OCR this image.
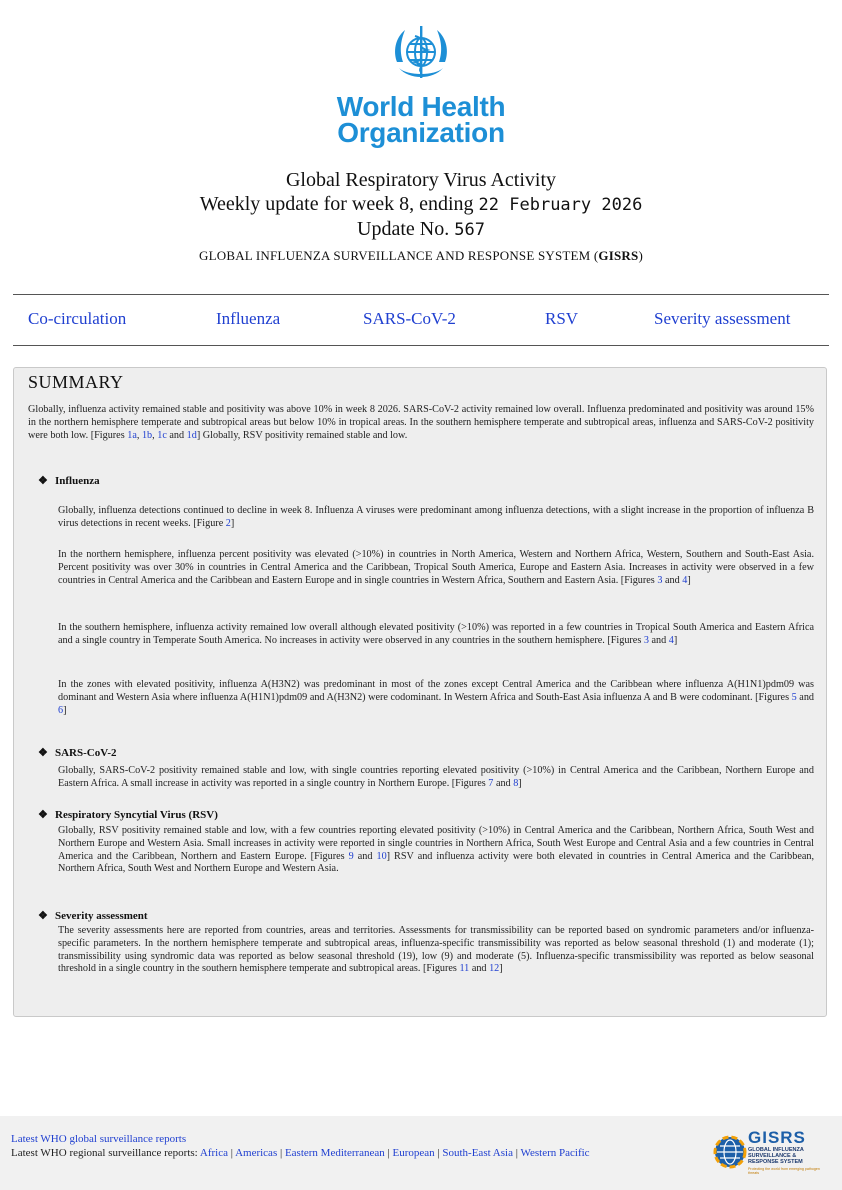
World Health
Organization
Global Respiratory Virus Activity
Weekly update for week 8, ending 22 February 2026
Update No. 567
GLOBAL INFLUENZA SURVEILLANCE AND RESPONSE SYSTEM (GISRS)
Co-circulation	Influenza	SARS-CoV-2	RSV	Severity assessment
SUMMARY
Globally, influenza activity remained stable and positivity was above 10% in week 8 2026. SARS-CoV-2 activity remained low overall. Influenza predominated and positivity was around 15% in the northern hemisphere temperate and subtropical areas but below 10% in tropical areas. In the southern hemisphere temperate and subtropical areas, influenza and SARS-CoV-2 positivity were both low. [Figures 1a, 1b, 1c and 1d] Globally, RSV positivity remained stable and low.
❖ Influenza
Globally, influenza detections continued to decline in week 8. Influenza A viruses were predominant among influenza detections, with a slight increase in the proportion of influenza B virus detections in recent weeks. [Figure 2]
In the northern hemisphere, influenza percent positivity was elevated (>10%) in countries in North America, Western and Northern Africa, Western, Southern and South-East Asia. Percent positivity was over 30% in countries in Central America and the Caribbean, Tropical South America, Europe and Eastern Asia. Increases in activity were observed in a few countries in Central America and the Caribbean and Eastern Europe and in single countries in Western Africa, Southern and Eastern Asia. [Figures 3 and 4]
In the southern hemisphere, influenza activity remained low overall although elevated positivity (>10%) was reported in a few countries in Tropical South America and Eastern Africa and a single country in Temperate South America. No increases in activity were observed in any countries in the southern hemisphere. [Figures 3 and 4]
In the zones with elevated positivity, influenza A(H3N2) was predominant in most of the zones except Central America and the Caribbean where influenza A(H1N1)pdm09 was dominant and Western Asia where influenza A(H1N1)pdm09 and A(H3N2) were codominant. In Western Africa and South-East Asia influenza A and B were codominant. [Figures 5 and 6]
❖ SARS-CoV-2
Globally, SARS-CoV-2 positivity remained stable and low, with single countries reporting elevated positivity (>10%) in Central America and the Caribbean, Northern Europe and Eastern Africa. A small increase in activity was reported in a single country in Northern Europe. [Figures 7 and 8]
❖ Respiratory Syncytial Virus (RSV)
Globally, RSV positivity remained stable and low, with a few countries reporting elevated positivity (>10%) in Central America and the Caribbean, Northern Africa, South West and Northern Europe and Western Asia. Small increases in activity were reported in single countries in Northern Africa, South West Europe and Central Asia and a few countries in Central America and the Caribbean, Northern and Eastern Europe. [Figures 9 and 10] RSV and influenza activity were both elevated in countries in Central America and the Caribbean, Northern Africa, South West and Northern Europe and Western Asia.
❖ Severity assessment
The severity assessments here are reported from countries, areas and territories. Assessments for transmissibility can be reported based on syndromic parameters and/or influenza-specific parameters. In the northern hemisphere temperate and subtropical areas, influenza-specific transmissibility was reported as below seasonal threshold (1) and moderate (1); transmissibility using syndromic data was reported as below seasonal threshold (19), low (9) and moderate (5). Influenza-specific transmissibility was reported as below seasonal threshold in a single country in the southern hemisphere temperate and subtropical areas. [Figures 11 and 12]
Latest WHO global surveillance reports
Latest WHO regional surveillance reports: Africa | Americas | Eastern Mediterranean | European | South-East Asia | Western Pacific
GISRS
GLOBAL INFLUENZA SURVEILLANCE & RESPONSE SYSTEM
Protecting the world from emerging pathogen threats
